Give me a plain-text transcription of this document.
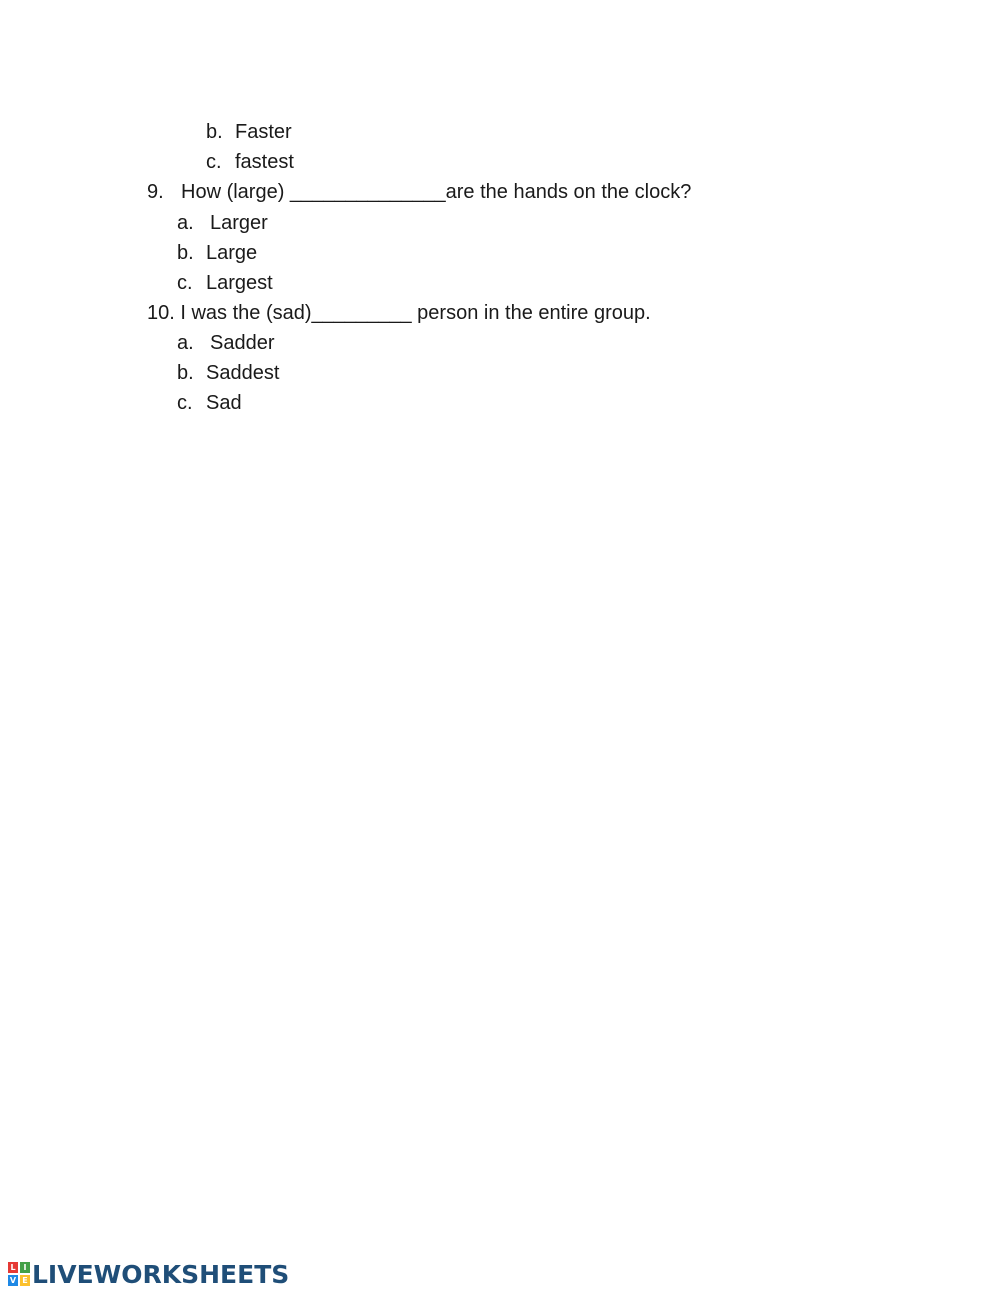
b. Faster
c. fastest
9. How (large) ______________are the hands on the clock?
a. Larger
b. Large
c. Largest
10. I was the (sad)_________ person in the entire group.
a. Sadder
b. Saddest
c. Sad
L I
V E LIVEWORKSHEETS
